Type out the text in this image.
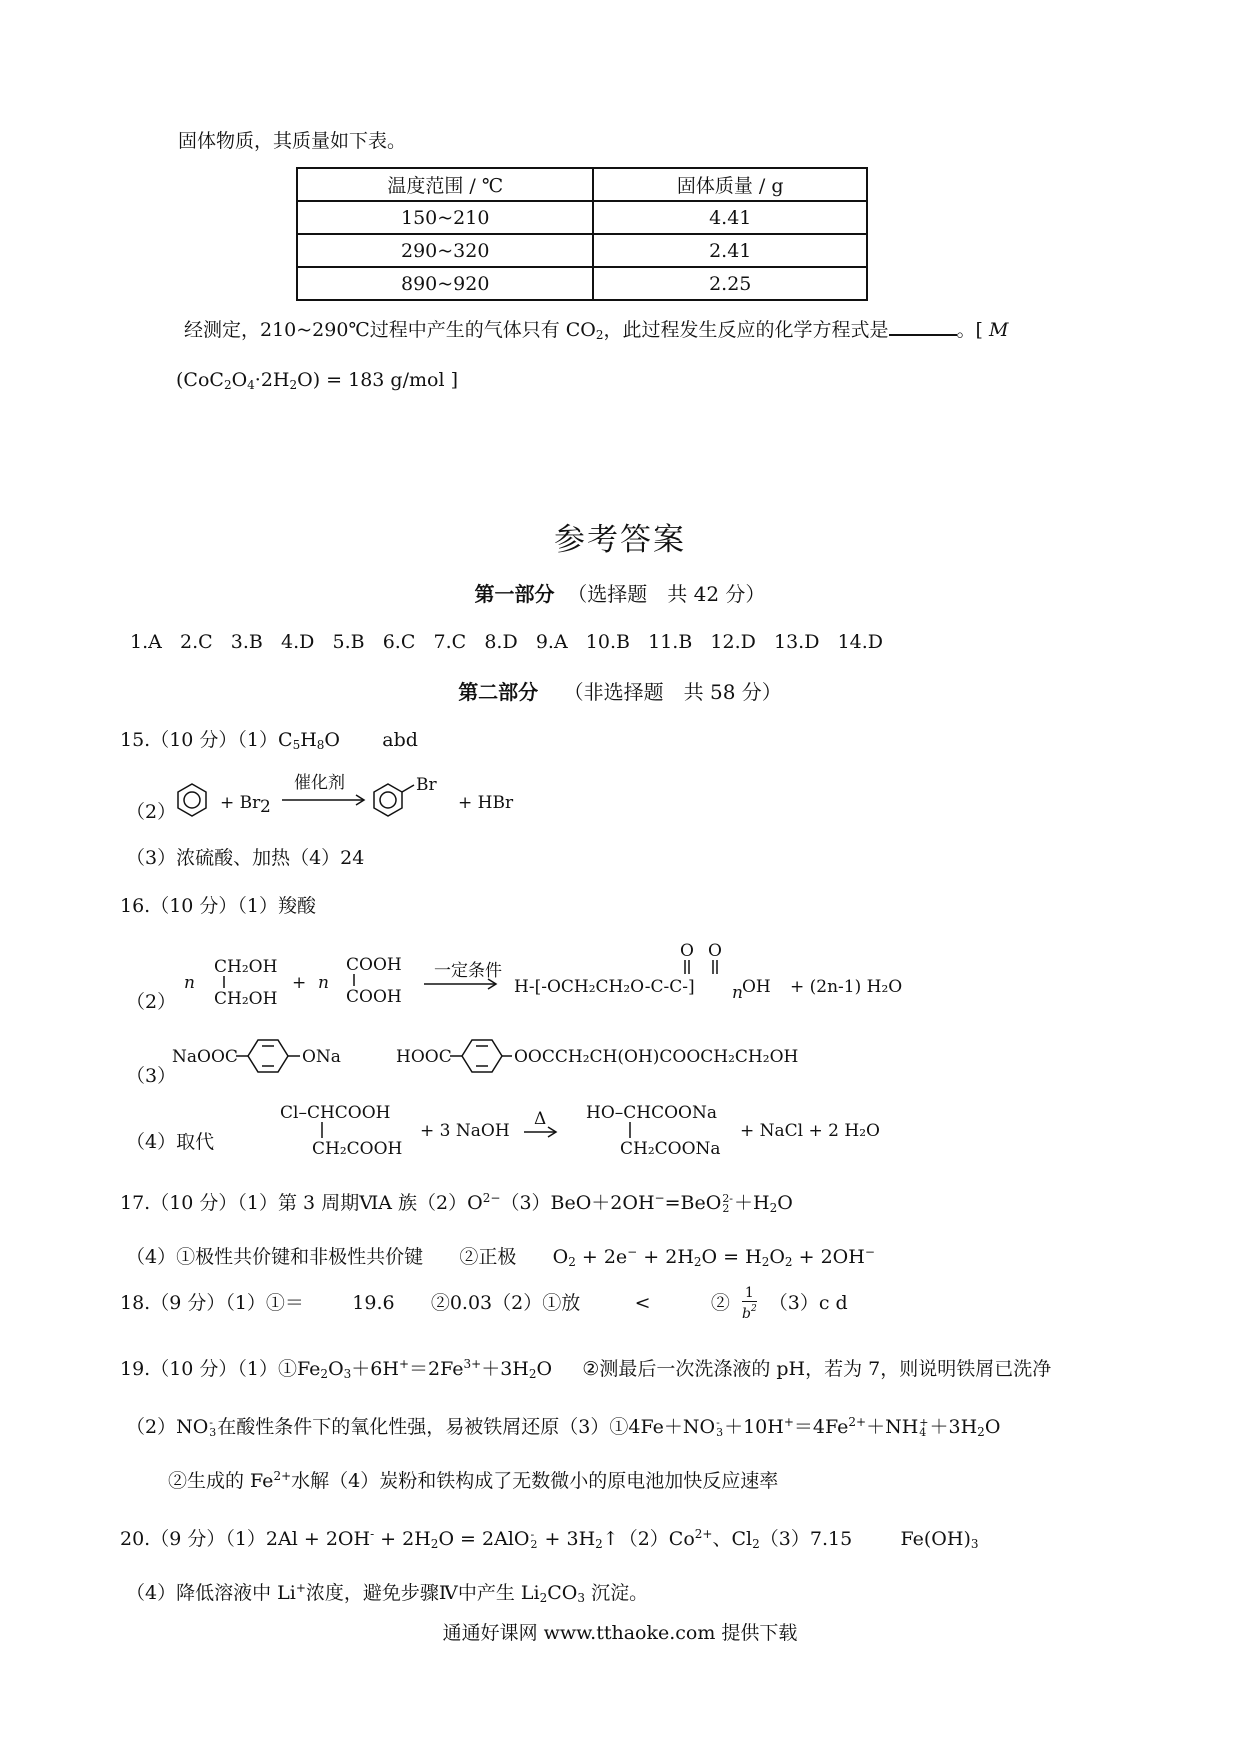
固体物质，其质量如下表。
温度范围 / ℃	固体质量 / g
150~210	4.41
290~320	2.41
890~920	2.25
经测定，210~290℃过程中产生的气体只有 $CO_2$，此过程发生反应的化学方程式是	。[ M
$(CoC_2O_4\cdot 2H_2O) = 183$ g/mol ]
参考答案
第一部分 （选择题　共 42 分）
1.A 2.C 3.B 4.D 5.B 6.C 7.C 8.D 9.A 10.B 11.B 12.D 13.D 14.D
第二部分 （非选择题　共 58 分）
15.（10 分）$(1)C_5H_8O$ abd
（2）	+ Br 2
催化剂	Br
+ HBr
（3）浓硫酸、加热（4）24
16.（10 分）（1）羧酸
（2）
n
CH₂OH
CH₂OH
+ n
COOH
COOH
一定条件
H-[-OCH₂CH₂O-C-C-]
O O
n OH + (2n-1) H₂O
（3）
NaOOC	ONa	HOOC	OOCCH₂CH(OH)COOCH₂CH₂OH
（4）取代
Cl–CHCOOH
CH₂COOH
+ 3 NaOH
Δ HO–CHCOONa
CH₂COONa
+ NaCl + 2 H₂O
17.（10 分）（1）第 3 周期ⅥA 族$(2)O^{2-}(3)BeO+2OH^-=BeO$ 2-
$2 +H_2O$
（4）①极性共价键和非极性共价键 ②正极 $O_2 + 2e^- + 2H_2O = H_2O_2 + 2OH^-$
18.（9 分）（1）①＝	19.6 ②0.03（2）①放	<	② $\frac{1}{b^2} (3)c$ d
19.（10 分）$(1)①Fe_2O_3+6H^+=2Fe^{3+}+3H_2O$ ②测最后一次洗涤液的 pH，若为 7，则说明铁屑已洗净
（2）NO -
3 在酸性条件下的氧化性强，易被铁屑还原（3）①4Fe＋NO -
$3 +10H^+=4Fe^{2+}+NH$ +
$4 +3H_2O$
②生成的 $Fe^{2+}$水解（4）炭粉和铁构成了无数微小的原电池加快反应速率
20.（9 分）$(1)2Al + 2OH^- + 2H_2O = 2AlO$ -
$2 + 3H_2↑(2)Co^{2+}$、$Cl_2(3)7.15$	$Fe(OH)_3$
（4）降低溶液中 Li+浓度，避免步骤Ⅳ中产生 $Li_2CO_3$ 沉淀。
通通好课网 www.tthaoke.com 提供下载
